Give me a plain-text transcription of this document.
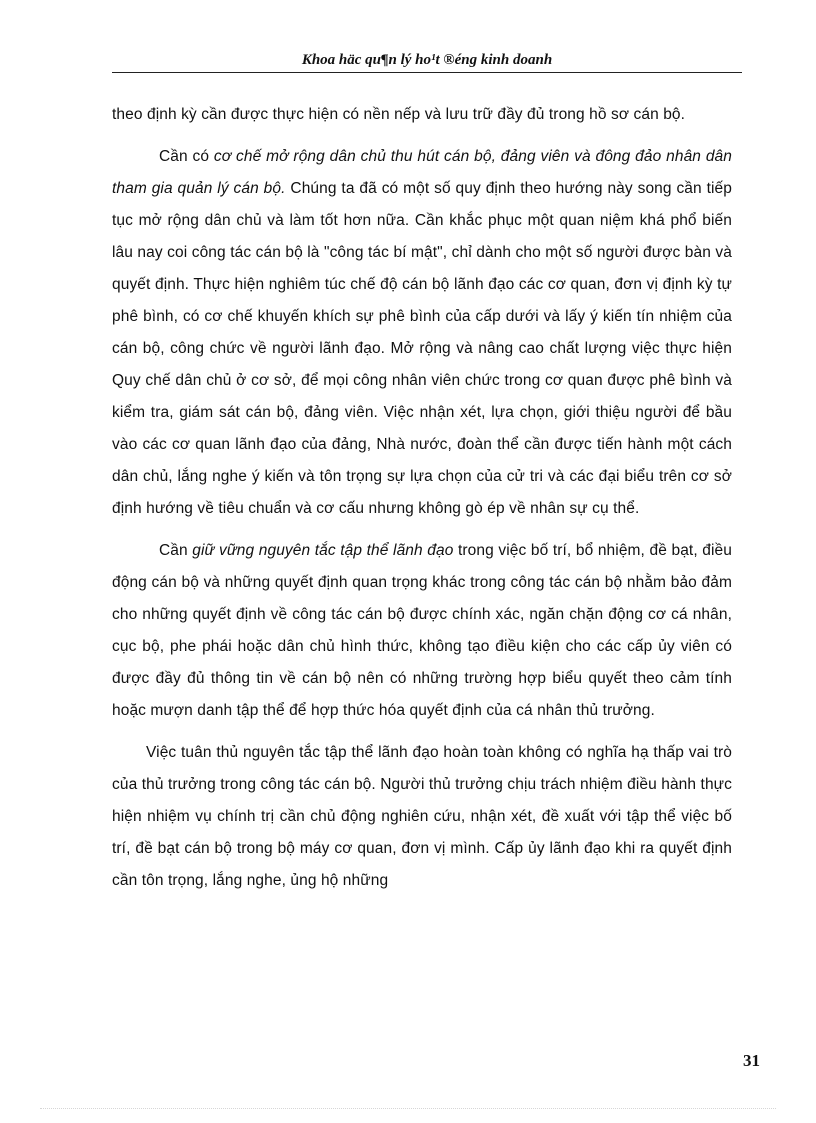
Khoa häc qu¶n lý ho¹t ®éng kinh doanh

theo định kỳ cần được thực hiện có nền nếp và lưu trữ đầy đủ trong hồ sơ cán bộ.

Cần có cơ chế mở rộng dân chủ thu hút cán bộ, đảng viên và đông đảo nhân dân tham gia quản lý cán bộ. Chúng ta đã có một số quy định theo hướng này song cần tiếp tục mở rộng dân chủ và làm tốt hơn nữa. Cần khắc phục một quan niệm khá phổ biến lâu nay coi công tác cán bộ là "công tác bí mật", chỉ dành cho một số người được bàn và quyết định. Thực hiện nghiêm túc chế độ cán bộ lãnh đạo các cơ quan, đơn vị định kỳ tự phê bình, có cơ chế khuyến khích sự phê bình của cấp dưới và lấy ý kiến tín nhiệm của cán bộ, công chức về người lãnh đạo. Mở rộng và nâng cao chất lượng việc thực hiện Quy chế dân chủ ở cơ sở, để mọi công nhân viên chức trong cơ quan được phê bình và kiểm tra, giám sát cán bộ, đảng viên. Việc nhận xét, lựa chọn, giới thiệu người để bầu vào các cơ quan lãnh đạo của đảng, Nhà nước, đoàn thể cần được tiến hành một cách dân chủ, lắng nghe ý kiến và tôn trọng sự lựa chọn của cử tri và các đại biểu trên cơ sở định hướng về tiêu chuẩn và cơ cấu nhưng không gò ép về nhân sự cụ thể.

Cần giữ vững nguyên tắc tập thể lãnh đạo trong việc bố trí, bổ nhiệm, đề bạt, điều động cán bộ và những quyết định quan trọng khác trong công tác cán bộ nhằm bảo đảm cho những quyết định về công tác cán bộ được chính xác, ngăn chặn động cơ cá nhân, cục bộ, phe phái hoặc dân chủ hình thức, không tạo điều kiện cho các cấp ủy viên có được đầy đủ thông tin về cán bộ nên có những trường hợp biểu quyết theo cảm tính hoặc mượn danh tập thể để hợp thức hóa quyết định của cá nhân thủ trưởng.

Việc tuân thủ nguyên tắc tập thể lãnh đạo hoàn toàn không có nghĩa hạ thấp vai trò của thủ trưởng trong công tác cán bộ. Người thủ trưởng chịu trách nhiệm điều hành thực hiện nhiệm vụ chính trị cần chủ động nghiên cứu, nhận xét, đề xuất với tập thể việc bố trí, đề bạt cán bộ trong bộ máy cơ quan, đơn vị mình. Cấp ủy lãnh đạo khi ra quyết định cần tôn trọng, lắng nghe, ủng hộ những

31
